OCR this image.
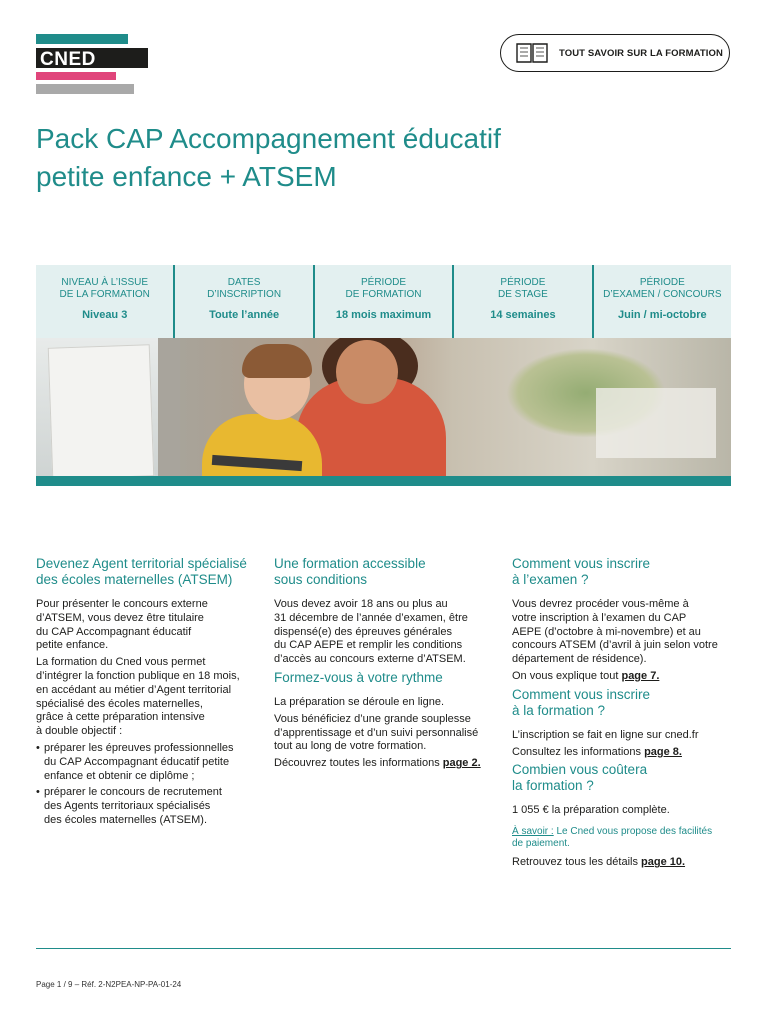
CNED	TOUT SAVOIR SUR LA FORMATION
Pack CAP Accompagnement éducatif
petite enfance + ATSEM
NIVEAU À L’ISSUE
DE LA FORMATION
Niveau 3
DATES
D’INSCRIPTION
Toute l’année
PÉRIODE
DE FORMATION
18 mois maximum
PÉRIODE
DE STAGE
14 semaines
PÉRIODE
D’EXAMEN / CONCOURS
Juin / mi-octobre
Devenez Agent territorial spécialisé
des écoles maternelles (ATSEM)

Pour présenter le concours externe
d’ATSEM, vous devez être titulaire
du CAP Accompagnant éducatif
petite enfance.

La formation du Cned vous permet
d’intégrer la fonction publique en 18 mois,
en accédant au métier d’Agent territorial
spécialisé des écoles maternelles,
grâce à cette préparation intensive
à double objectif :

• préparer les épreuves professionnelles
du CAP Accompagnant éducatif petite
enfance et obtenir ce diplôme ;
• préparer le concours de recrutement
des Agents territoriaux spécialisés
des écoles maternelles (ATSEM).
Une formation accessible
sous conditions

Vous devez avoir 18 ans ou plus au
31 décembre de l’année d’examen, être
dispensé(e) des épreuves générales
du CAP AEPE et remplir les conditions
d’accès au concours externe d’ATSEM.

Formez-vous à votre rythme

La préparation se déroule en ligne.

Vous bénéficiez d’une grande souplesse
d’apprentissage et d’un suivi personnalisé
tout au long de votre formation.

Découvrez toutes les informations page 2.

Comment vous inscrire
à l’examen ?

Vous devrez procéder vous-même à
votre inscription à l’examen du CAP
AEPE (d’octobre à mi-novembre) et au
concours ATSEM (d’avril à juin selon votre
département de résidence).

On vous explique tout page 7.

Comment vous inscrire
à la formation ?

L’inscription se fait en ligne sur cned.fr

Consultez les informations page 8.

Combien vous coûtera
la formation ?

1 055 € la préparation complète.

À savoir : Le Cned vous propose des facilités
de paiement.

Retrouvez tous les détails page 10.

Page 1 / 9 – Réf. 2-N2PEA-NP-PA-01-24
